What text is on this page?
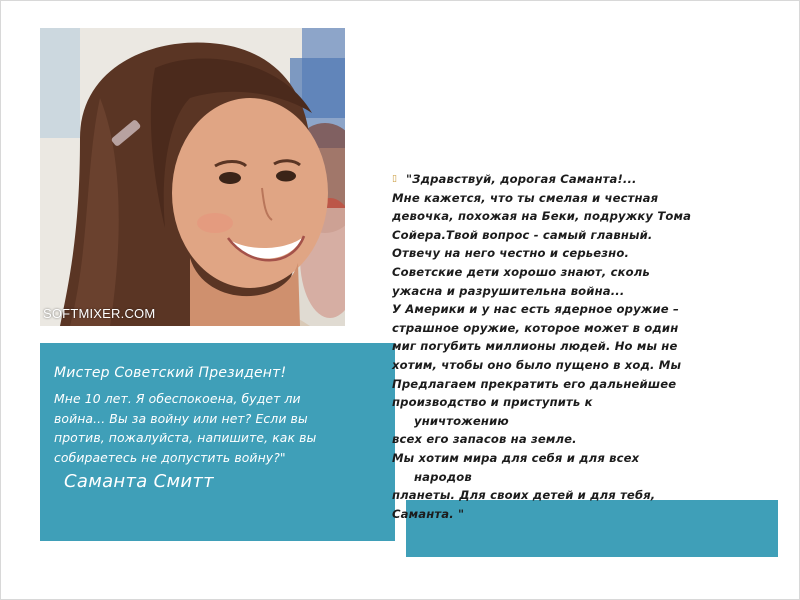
SOFTMIXER.COM
Мистер Советский Президент!
Мне 10 лет. Я обеспокоена, будет ли
война... Вы за войну или нет? Если вы
против, пожалуйста, напишите, как вы
собираетесь не допустить войну?"
Саманта Смитт
▯ "Здравствуй, дорогая Саманта!...
Мне кажется, что ты смелая и честная
девочка, похожая на Беки, подружку Тома
Сойера.Твой вопрос - самый главный.
Отвечу на него честно и серьезно.
Советские дети хорошо знают, сколь
ужасна и разрушительна война...
У Америки и у нас есть ядерное оружие –
страшное оружие, которое может в один
миг погубить миллионы людей. Но мы не
хотим, чтобы оно было пущено в ход. Мы
Предлагаем прекратить его дальнейшее
производство и приступить к
уничтожению
всех его запасов на земле.
Мы хотим мира для себя и для всех
народов
планеты. Для своих детей и для тебя,
Саманта. "
